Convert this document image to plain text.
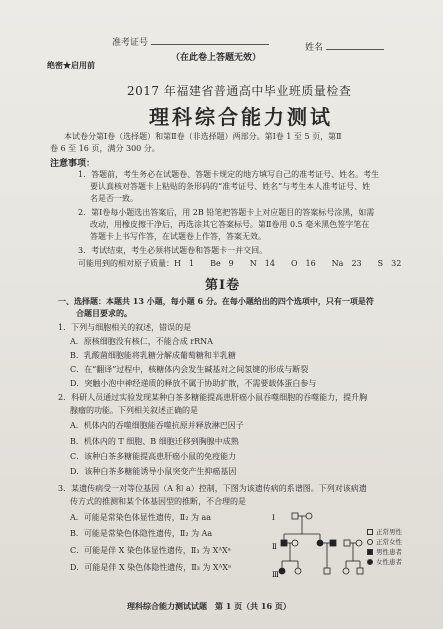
准考证号	姓名
（在此卷上答题无效）
绝密★启用前
2017 年福建省普通高中毕业班质量检查
理科综合能力测试
本试卷分第Ⅰ卷（选择题）和第Ⅱ卷（非选择题）两部分。第Ⅰ卷 1 至 5 页，第Ⅱ
卷 6 至 16 页，满分 300 分。
注意事项：
1．答题前，考生务必在试题卷、答题卡规定的地方填写自己的准考证号、姓名。考生
要认真核对答题卡上粘贴的条形码的“准考证号、姓名”与考生本人准考证号、姓
名是否一致。
2．第Ⅰ卷每小题选出答案后，用 2B 铅笔把答题卡上对应题目的答案标号涂黑，如需
改动，用橡皮擦干净后，再选涂其它答案标号。第Ⅱ卷用 0.5 毫米黑色签字笔在
答题卡上书写作答，在试题卷上作答，答案无效。
3．考试结束，考生必须将试题卷和答题卡一并交回。
可能用到的相对原子质量：H　1　　Be　9　　N　14　　O　16　　Na　23　　S　32
第Ⅰ卷
一、选择题：本题共 13 小题，每小题 6 分。在每小题给出的四个选项中，只有一项是符
合题目要求的。
1．下列与细胞相关的叙述，错误的是
A．原核细胞没有核仁，不能合成 rRNA
B．乳酸菌细胞能将乳糖分解成葡萄糖和半乳糖
C．在“翻译”过程中，核糖体内会发生碱基对之间氢键的形成与断裂
D．突触小泡中神经递质的释放不属于协助扩散，不需要载体蛋白参与
2．科研人员通过实验发现某种白茶多糖能提高患肝癌小鼠吞噬细胞的吞噬能力，提升胸
腺瘤的功能。下列相关叙述正确的是
A．机体内的吞噬细胞能吞噬抗原并释放淋巴因子
B．机体内的 T 细胞、B 细胞迁移到胸腺中成熟
C．该种白茶多糖能提高患肝癌小鼠的免疫能力
D．该种白茶多糖能诱导小鼠突变产生抑癌基因
3．某遗传病受一对等位基因（A 和 a）控制，下图为该遗传病的系谱图。下列对该病遗
传方式的推测和某个体基因型的推断，不合理的是
A．可能是常染色体显性遗传，Ⅱ₂ 为 aa
B．可能是常染色体隐性遗传，Ⅱ₂ 为 Aa
C．可能是伴 X 染色体显性遗传，Ⅱ₃ 为 XᴬXᵃ
D．可能是伴 X 染色体隐性遗传，Ⅱ₃ 为 XᴬXᵃ
Ⅰ
Ⅱ
Ⅲ
正常男性
正常女性
男性患者
女性患者
理科综合能力测试试题　第 1 页（共 16 页）
